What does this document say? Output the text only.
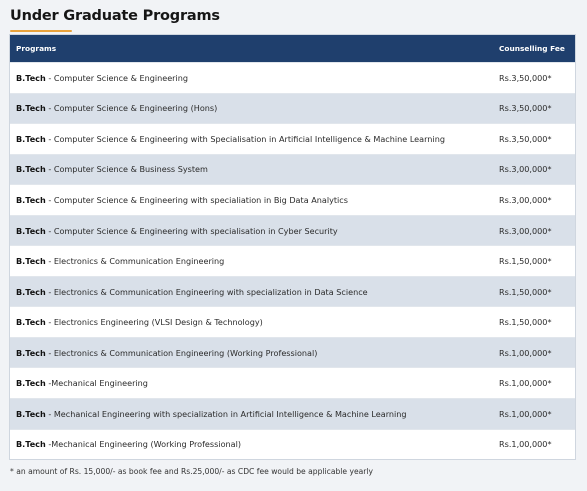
Under Graduate Programs
Programs	Counselling Fee
B.Tech - Computer Science & Engineering	Rs.3,50,000*
B.Tech - Computer Science & Engineering (Hons)	Rs.3,50,000*
B.Tech - Computer Science & Engineering with Specialisation in Artificial Intelligence & Machine Learning	Rs.3,50,000*
B.Tech - Computer Science & Business System	Rs.3,00,000*
B.Tech - Computer Science & Engineering with specialiation in Big Data Analytics	Rs.3,00,000*
B.Tech - Computer Science & Engineering with specialisation in Cyber Security	Rs.3,00,000*
B.Tech - Electronics & Communication Engineering	Rs.1,50,000*
B.Tech - Electronics & Communication Engineering with specialization in Data Science	Rs.1,50,000*
B.Tech - Electronics Engineering (VLSI Design & Technology)	Rs.1,50,000*
B.Tech - Electronics & Communication Engineering (Working Professional)	Rs.1,00,000*
B.Tech -Mechanical Engineering	Rs.1,00,000*
B.Tech - Mechanical Engineering with specialization in Artificial Intelligence & Machine Learning	Rs.1,00,000*
B.Tech -Mechanical Engineering (Working Professional)	Rs.1,00,000*
* an amount of Rs. 15,000/- as book fee and Rs.25,000/- as CDC fee would be applicable yearly
